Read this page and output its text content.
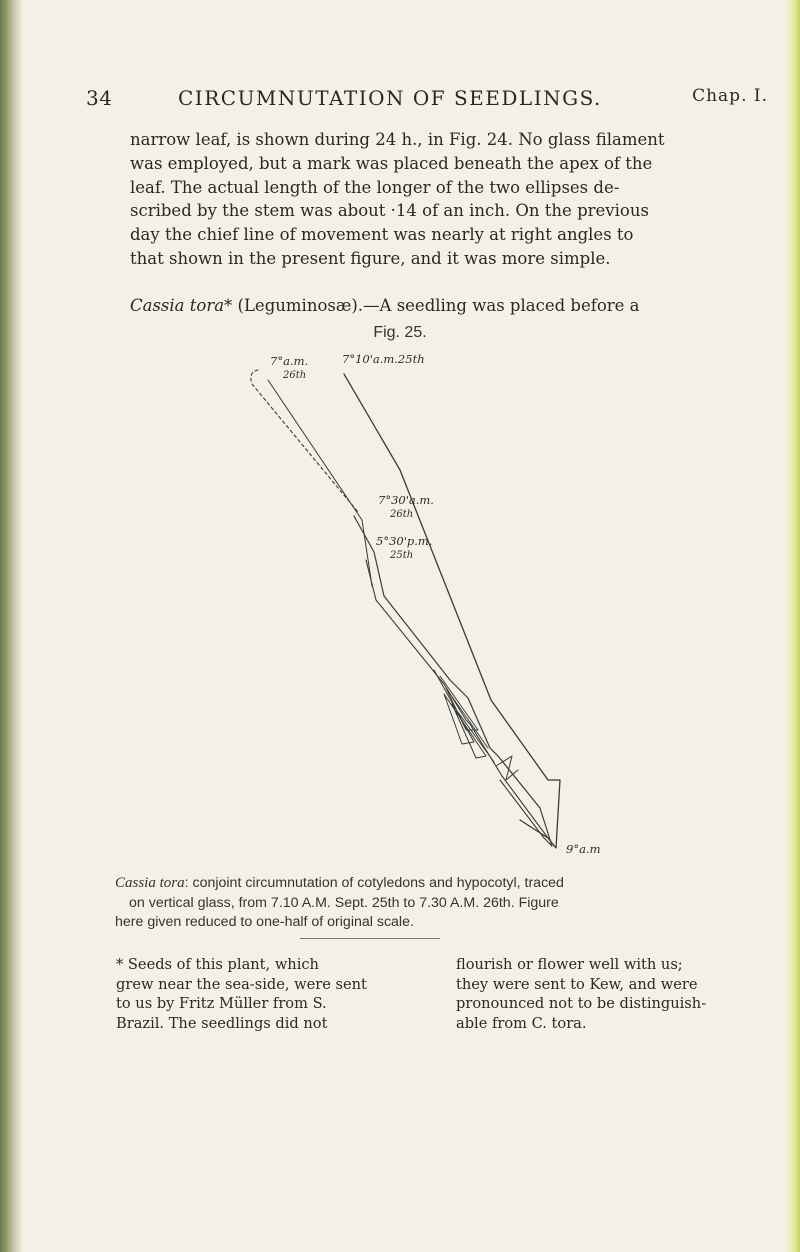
34	CIRCUMNUTATION OF SEEDLINGS.	Chap. I.
narrow leaf, is shown during 24 h., in Fig. 24. No glass filament
was employed, but a mark was placed beneath the apex of the
leaf. The actual length of the longer of the two ellipses de-
scribed by the stem was about ·14 of an inch. On the previous
day the chief line of movement was nearly at right angles to
that shown in the present figure, and it was more simple.
Cassia tora* (Leguminosæ).—A seedling was placed before a
Fig. 25.
7°a.m.
26th
7°10'a.m.25th
7°30'a.m.
26th
5°30'p.m.
25th
9°a.m
Cassia tora: conjoint circumnutation of cotyledons and hypocotyl, traced
on vertical glass, from 7.10 A.M. Sept. 25th to 7.30 A.M. 26th. Figure
here given reduced to one-half of original scale.
* Seeds of this plant, which
grew near the sea-side, were sent
to us by Fritz Müller from S.
Brazil. The seedlings did not
flourish or flower well with us;
they were sent to Kew, and were
pronounced not to be distinguish-
able from C. tora.
